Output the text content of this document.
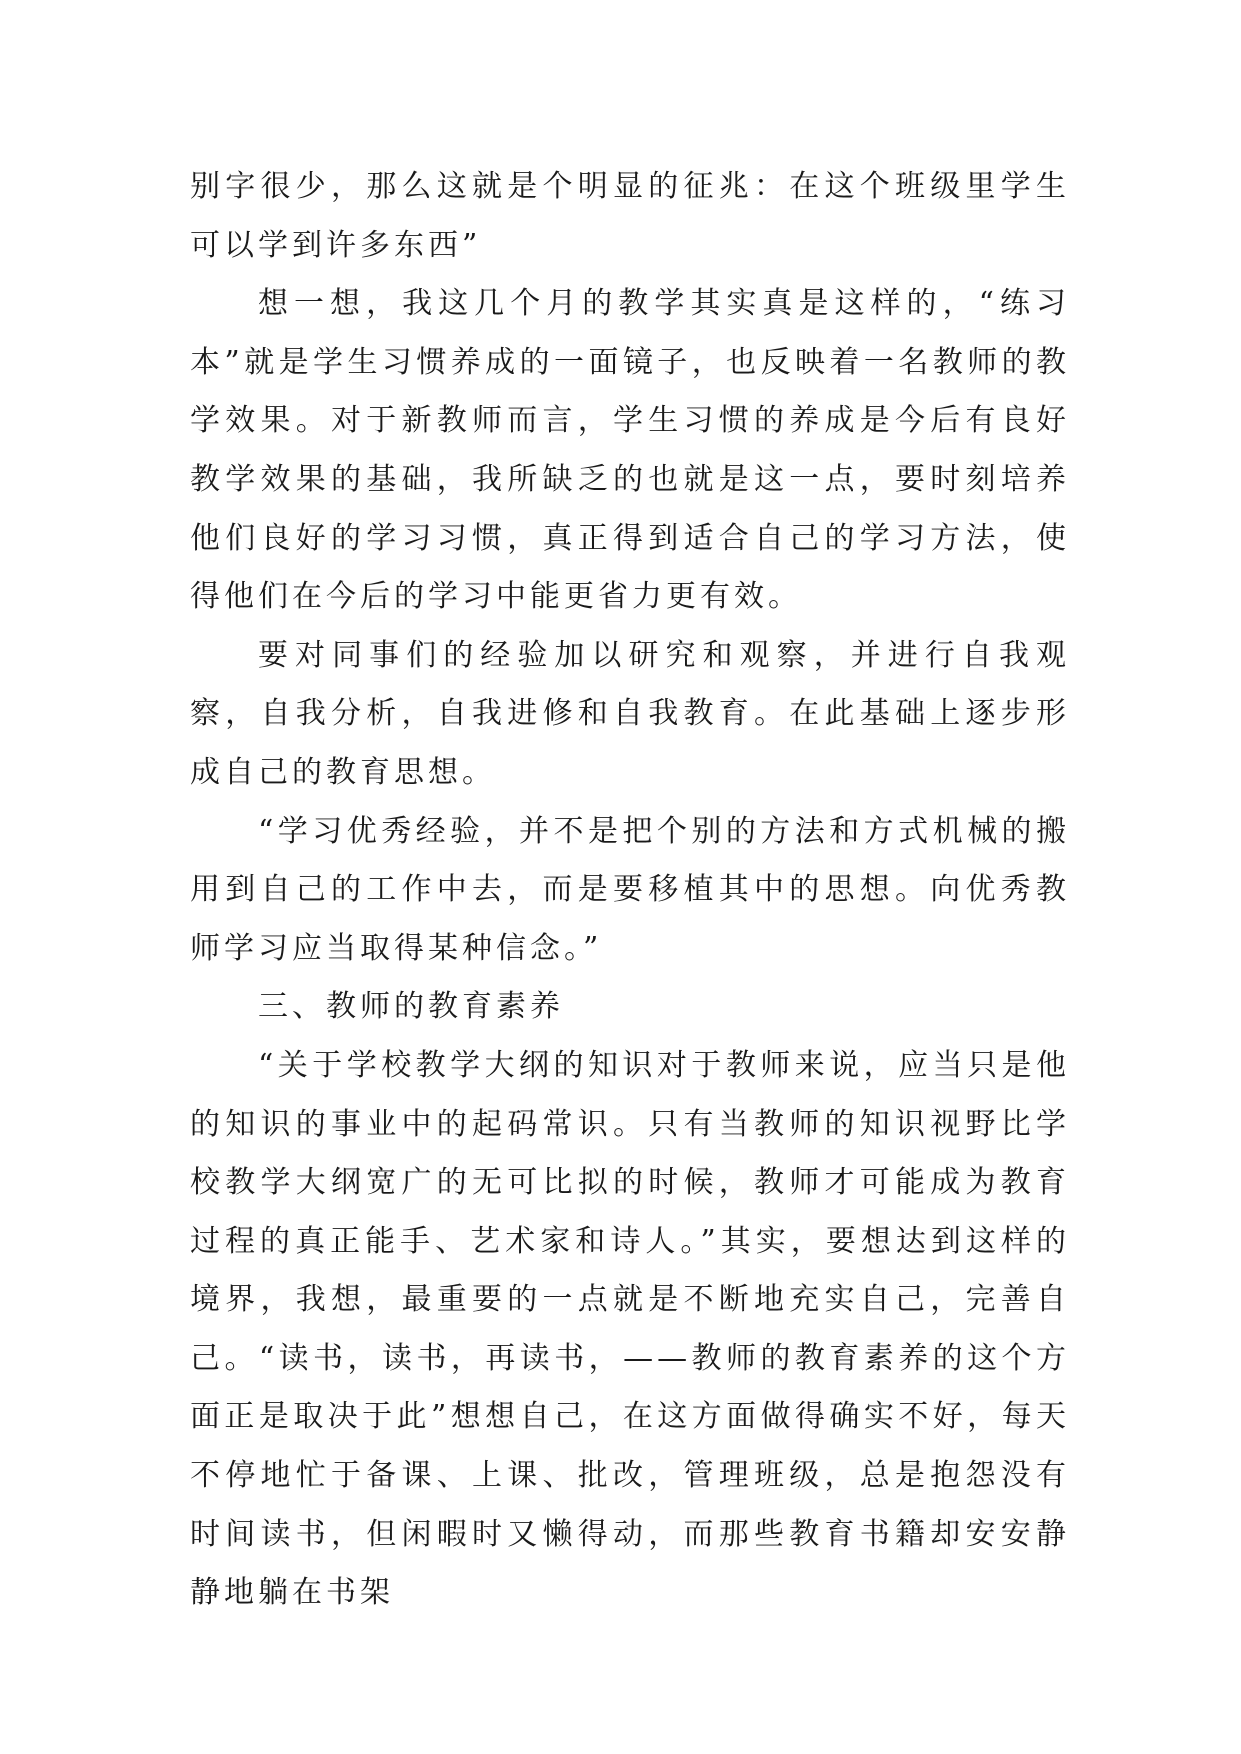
别字很少，那么这就是个明显的征兆：在这个班级里学生可以学到许多东西”

想一想，我这几个月的教学其实真是这样的，“练习本”就是学生习惯养成的一面镜子，也反映着一名教师的教学效果。对于新教师而言，学生习惯的养成是今后有良好教学效果的基础，我所缺乏的也就是这一点，要时刻培养他们良好的学习习惯，真正得到适合自己的学习方法，使得他们在今后的学习中能更省力更有效。

要对同事们的经验加以研究和观察，并进行自我观察，自我分析，自我进修和自我教育。在此基础上逐步形成自己的教育思想。

“学习优秀经验，并不是把个别的方法和方式机械的搬用到自己的工作中去，而是要移植其中的思想。向优秀教师学习应当取得某种信念。”

三、教师的教育素养

“关于学校教学大纲的知识对于教师来说，应当只是他的知识的事业中的起码常识。只有当教师的知识视野比学校教学大纲宽广的无可比拟的时候，教师才可能成为教育过程的真正能手、艺术家和诗人。”其实，要想达到这样的境界，我想，最重要的一点就是不断地充实自己，完善自己。“读书，读书，再读书，——教师的教育素养的这个方面正是取决于此”想想自己，在这方面做得确实不好，每天不停地忙于备课、上课、批改，管理班级，总是抱怨没有时间读书，但闲暇时又懒得动，而那些教育书籍却安安静静地躺在书架
